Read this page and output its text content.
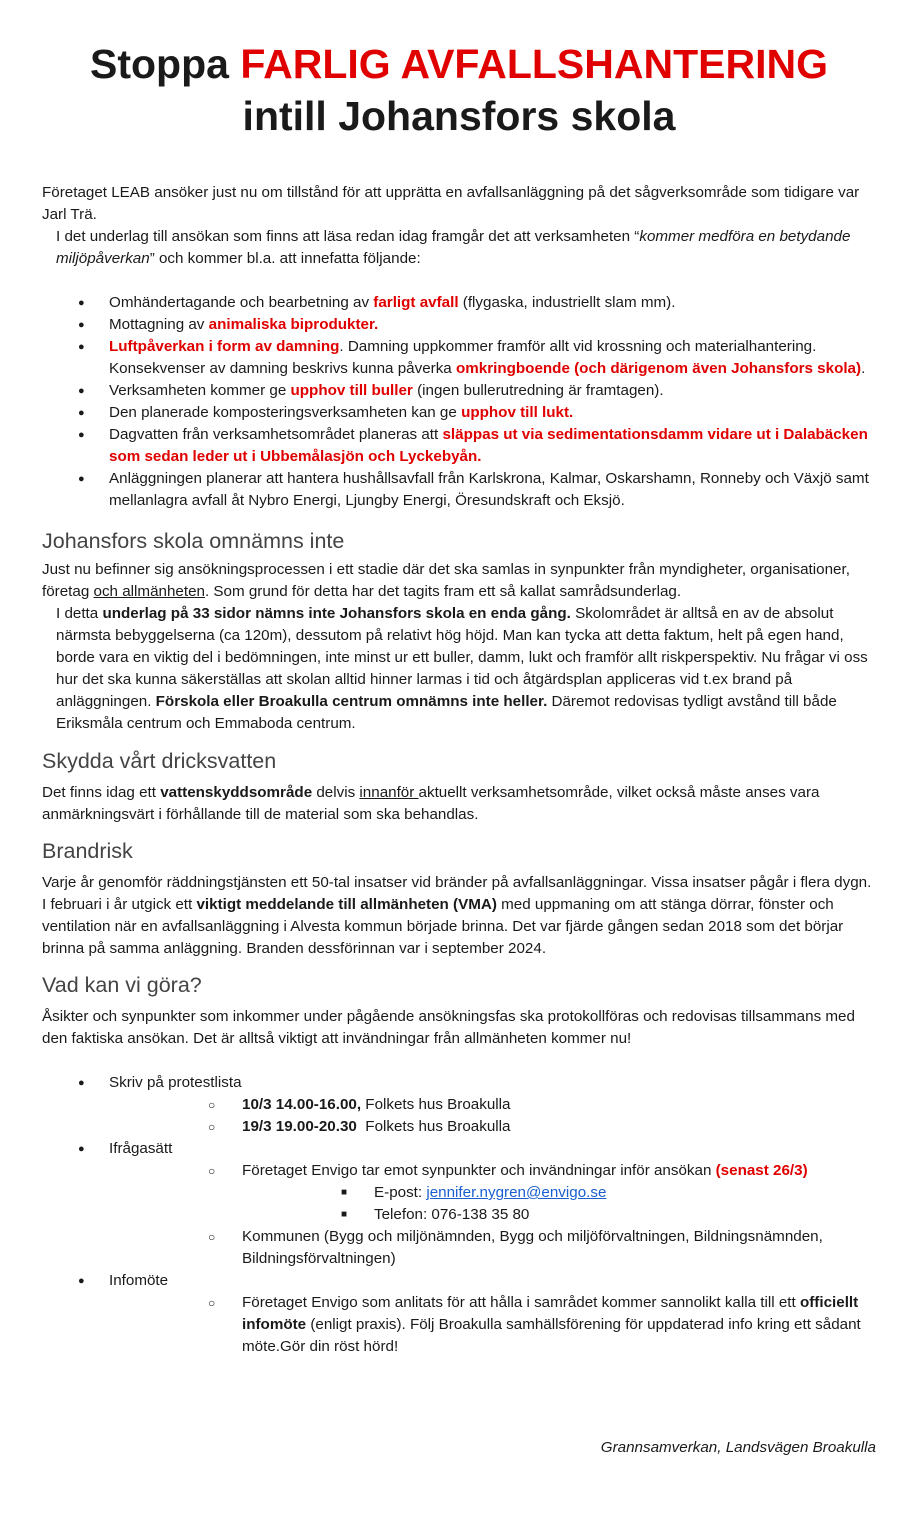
Stoppa FARLIG AVFALLSHANTERING
intill Johansfors skola

Företaget LEAB ansöker just nu om tillstånd för att upprätta en avfallsanläggning på det sågverksområde som tidigare var Jarl Trä.

I det underlag till ansökan som finns att läsa redan idag framgår det att verksamheten “kommer medföra en betydande miljöpåverkan” och kommer bl.a. att innefatta följande:

● Omhändertagande och bearbetning av farligt avfall (flygaska, industriellt slam mm).
● Mottagning av animaliska biprodukter.
● Luftpåverkan i form av damning. Damning uppkommer framför allt vid krossning och materialhantering. Konsekvenser av damning beskrivs kunna påverka omkringboende (och därigenom även Johansfors skola).
● Verksamheten kommer ge upphov till buller (ingen bullerutredning är framtagen).
● Den planerade komposteringsverksamheten kan ge upphov till lukt.
● Dagvatten från verksamhetsområdet planeras att släppas ut via sedimentationsdamm vidare ut i Dalabäcken som sedan leder ut i Ubbemålasjön och Lyckebyån.
● Anläggningen planerar att hantera hushållsavfall från Karlskrona, Kalmar, Oskarshamn, Ronneby och Växjö samt mellanlagra avfall åt Nybro Energi, Ljungby Energi, Öresundskraft och Eksjö.
Johansfors skola omnämns inte

Just nu befinner sig ansökningsprocessen i ett stadie där det ska samlas in synpunkter från myndigheter, organisationer, företag och allmänheten. Som grund för detta har det tagits fram ett så kallat samrådsunderlag.

I detta underlag på 33 sidor nämns inte Johansfors skola en enda gång. Skolområdet är alltså en av de absolut närmsta bebyggelserna (ca 120m), dessutom på relativt hög höjd. Man kan tycka att detta faktum, helt på egen hand, borde vara en viktig del i bedömningen, inte minst ur ett buller, damm, lukt och framför allt riskperspektiv. Nu frågar vi oss hur det ska kunna säkerställas att skolan alltid hinner larmas i tid och åtgärdsplan appliceras vid t.ex brand på anläggningen. Förskola eller Broakulla centrum omnämns inte heller. Däremot redovisas tydligt avstånd till både Eriksmåla centrum och Emmaboda centrum.

Skydda vårt dricksvatten

Det finns idag ett vattenskyddsområde delvis innanför aktuellt verksamhetsområde, vilket också måste anses vara anmärkningsvärt i förhållande till de material som ska behandlas.

Brandrisk

Varje år genomför räddningstjänsten ett 50-tal insatser vid bränder på avfallsanläggningar. Vissa insatser pågår i flera dygn. I februari i år utgick ett viktigt meddelande till allmänheten (VMA) med uppmaning om att stänga dörrar, fönster och ventilation när en avfallsanläggning i Alvesta kommun började brinna. Det var fjärde gången sedan 2018 som det börjar brinna på samma anläggning. Branden dessförinnan var i september 2024.

Vad kan vi göra?

Åsikter och synpunkter som inkommer under pågående ansökningsfas ska protokollföras och redovisas tillsammans med den faktiska ansökan. Det är alltså viktigt att invändningar från allmänheten kommer nu!

● Skriv på protestlista
○ 10/3 14.00-16.00, Folkets hus Broakulla
○ 19/3 19.00-20.30  Folkets hus Broakulla
● Ifrågasätt
○ Företaget Envigo tar emot synpunkter och invändningar inför ansökan (senast 26/3)
■ E-post: jennifer.nygren@envigo.se
■ Telefon: 076-138 35 80
○ Kommunen (Bygg och miljönämnden, Bygg och miljöförvaltningen, Bildningsnämnden, Bildningsförvaltningen)
● Infomöte
○ Företaget Envigo som anlitats för att hålla i samrådet kommer sannolikt kalla till ett officiellt infomöte (enligt praxis). Följ Broakulla samhällsförening för uppdaterad info kring ett sådant möte.Gör din röst hörd!
Grannsamverkan, Landsvägen Broakulla
